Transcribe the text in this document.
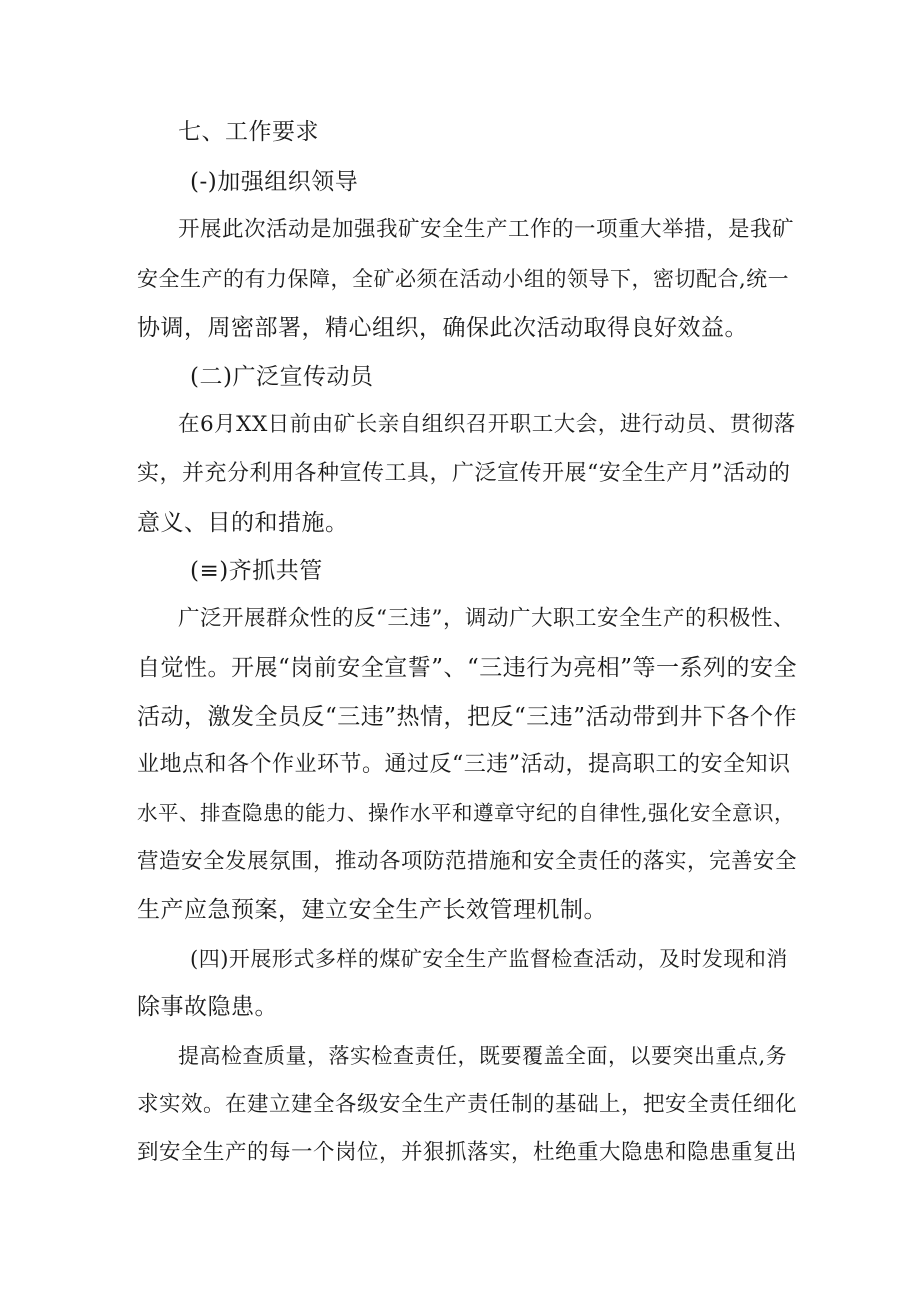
七、工作要求
(-)加强组织领导
开展此次活动是加强我矿安全生产工作的一项重大举措，是我矿
安全生产的有力保障，全矿必须在活动小组的领导下，密切配合,统一
协调，周密部署，精心组织，确保此次活动取得良好效益。
(二)广泛宣传动员
在6月XX日前由矿长亲自组织召开职工大会，进行动员、贯彻落
实，并充分利用各种宣传工具，广泛宣传开展“安全生产月”活动的
意义、目的和措施。
(≡)齐抓共管
广泛开展群众性的反“三违”，调动广大职工安全生产的积极性、
自觉性。开展“岗前安全宣誓”、“三违行为亮相”等一系列的安全
活动，激发全员反“三违”热情，把反“三违”活动带到井下各个作
业地点和各个作业环节。通过反“三违”活动，提高职工的安全知识
水平、排查隐患的能力、操作水平和遵章守纪的自律性,强化安全意识，
营造安全发展氛围，推动各项防范措施和安全责任的落实，完善安全
生产应急预案，建立安全生产长效管理机制。
(四)开展形式多样的煤矿安全生产监督检查活动，及时发现和消
除事故隐患。
提高检查质量，落实检查责任，既要覆盖全面，以要突出重点,务
求实效。在建立建全各级安全生产责任制的基础上，把安全责任细化
到安全生产的每一个岗位，并狠抓落实，杜绝重大隐患和隐患重复出
